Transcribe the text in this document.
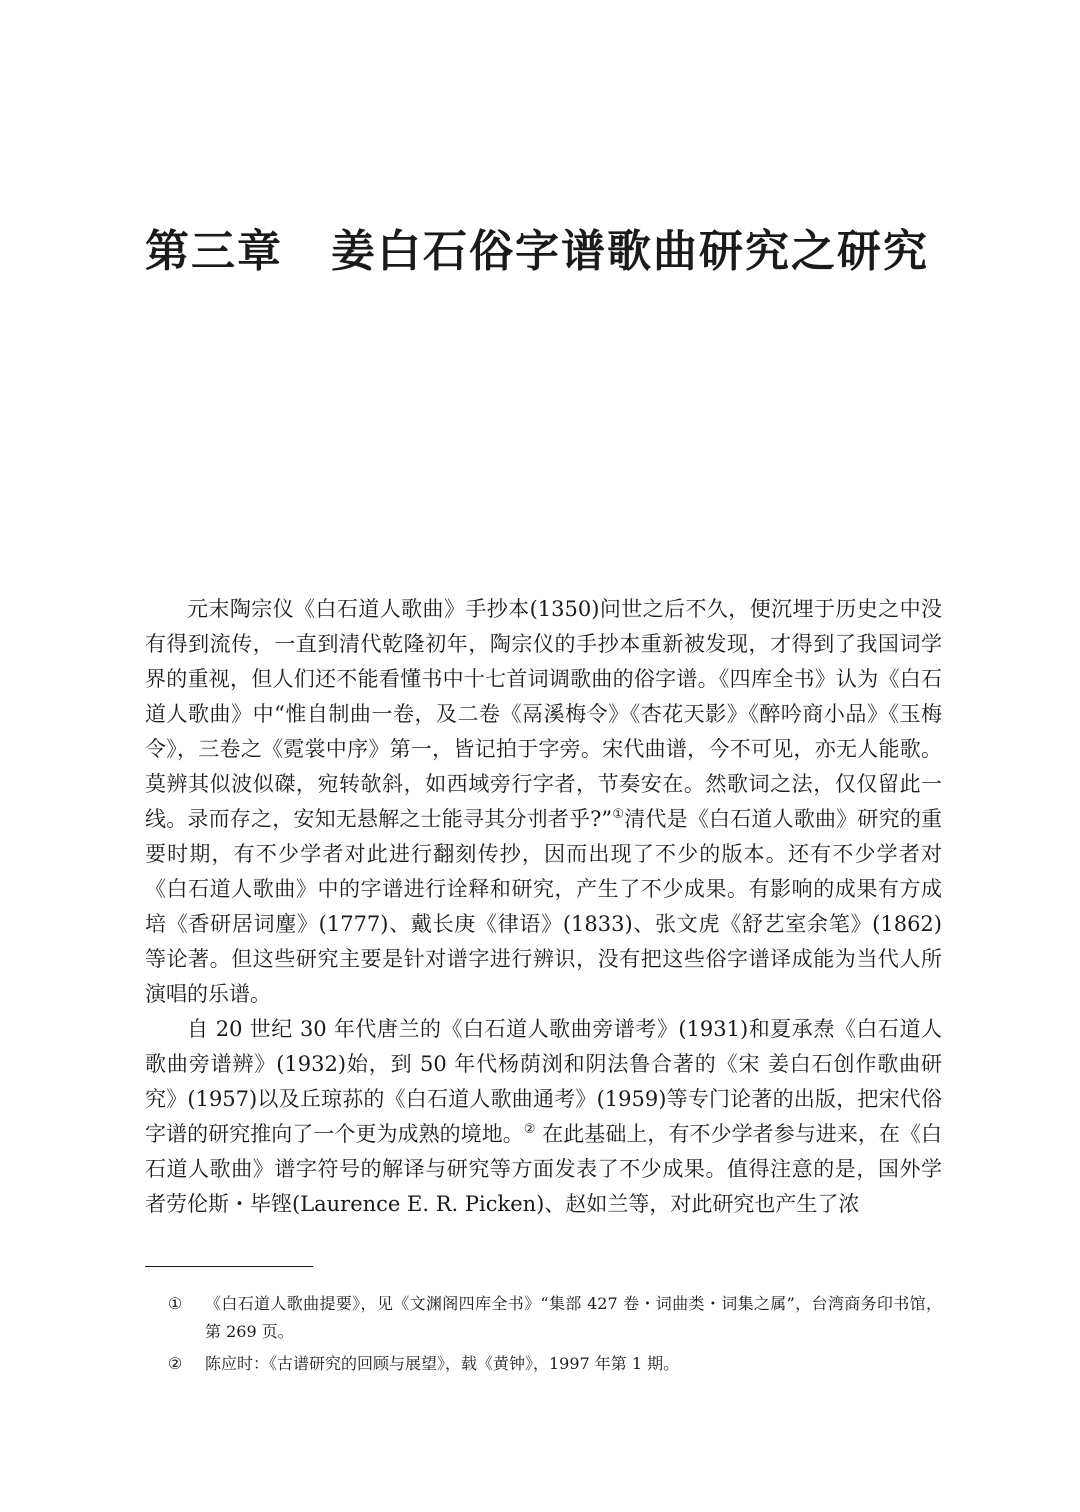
第三章 姜白石俗字谱歌曲研究之研究

元末陶宗仪《白石道人歌曲》手抄本(1350)问世之后不久，便沉埋于历史之中没有得到流传，一直到清代乾隆初年，陶宗仪的手抄本重新被发现，才得到了我国词学界的重视，但人们还不能看懂书中十七首词调歌曲的俗字谱。《四库全书》认为《白石道人歌曲》中“惟自制曲一卷，及二卷《鬲溪梅令》《杏花天影》《醉吟商小品》《玉梅令》，三卷之《霓裳中序》第一，皆记拍于字旁。宋代曲谱，今不可见，亦无人能歌。莫辨其似波似磔，宛转欹斜，如西域旁行字者，节奏安在。然歌词之法，仅仅留此一线。录而存之，安知无悬解之士能寻其分刌者乎?”①清代是《白石道人歌曲》研究的重要时期，有不少学者对此进行翻刻传抄，因而出现了不少的版本。还有不少学者对《白石道人歌曲》中的字谱进行诠释和研究，产生了不少成果。有影响的成果有方成培《香研居词麈》(1777)、戴长庚《律语》(1833)、张文虎《舒艺室余笔》(1862)等论著。但这些研究主要是针对谱字进行辨识，没有把这些俗字谱译成能为当代人所演唱的乐谱。

自 20 世纪 30 年代唐兰的《白石道人歌曲旁谱考》(1931)和夏承焘《白石道人歌曲旁谱辨》(1932)始，到 50 年代杨荫浏和阴法鲁合著的《宋 姜白石创作歌曲研究》(1957)以及丘琼荪的《白石道人歌曲通考》(1959)等专门论著的出版，把宋代俗字谱的研究推向了一个更为成熟的境地。② 在此基础上，有不少学者参与进来，在《白石道人歌曲》谱字符号的解译与研究等方面发表了不少成果。值得注意的是，国外学者劳伦斯・毕铿(Laurence E. R. Picken)、赵如兰等，对此研究也产生了浓

①	《白石道人歌曲提要》，见《文渊阁四库全书》“集部 427 卷・词曲类・词集之属”，台湾商务印书馆，第 269 页。
②	陈应时：《古谱研究的回顾与展望》，载《黄钟》，1997 年第 1 期。
